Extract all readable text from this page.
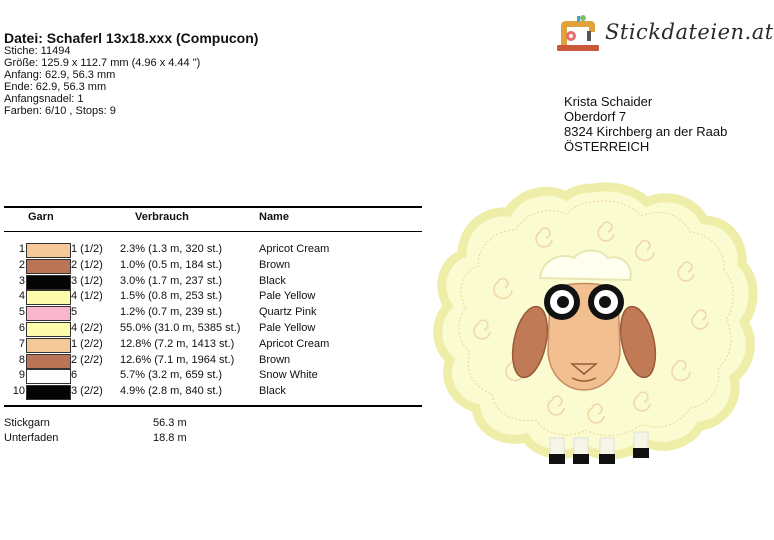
Datei: Schaferl 13x18.xxx (Compucon)
Stiche: 11494
Größe: 125.9 x 112.7 mm (4.96 x 4.44 ")
Anfang: 62.9, 56.3 mm
Ende: 62.9, 56.3 mm
Anfangsnadel: 1
Farben: 6/10 , Stops: 9
Stickdateien.at
Krista Schaider
Oberdorf 7
8324 Kirchberg an der Raab
ÖSTERREICH
Garn	Verbrauch	Name
1	1 (1/2) 2.3% (1.3 m, 320 st.)	Apricot Cream
2	2 (1/2) 1.0% (0.5 m, 184 st.)	Brown
3	3 (1/2) 3.0% (1.7 m, 237 st.)	Black
4	4 (1/2) 1.5% (0.8 m, 253 st.)	Pale Yellow
5	5	1.2% (0.7 m, 239 st.)	Quartz Pink
6	4 (2/2) 55.0% (31.0 m, 5385 st.) Pale Yellow
7	1 (2/2) 12.8% (7.2 m, 1413 st.) Apricot Cream
8	2 (2/2) 12.6% (7.1 m, 1964 st.) Brown
9	6	5.7% (3.2 m, 659 st.)	Snow White
10	3 (2/2) 4.9% (2.8 m, 840 st.)	Black
Stickgarn	56.3 m
Unterfaden	18.8 m
